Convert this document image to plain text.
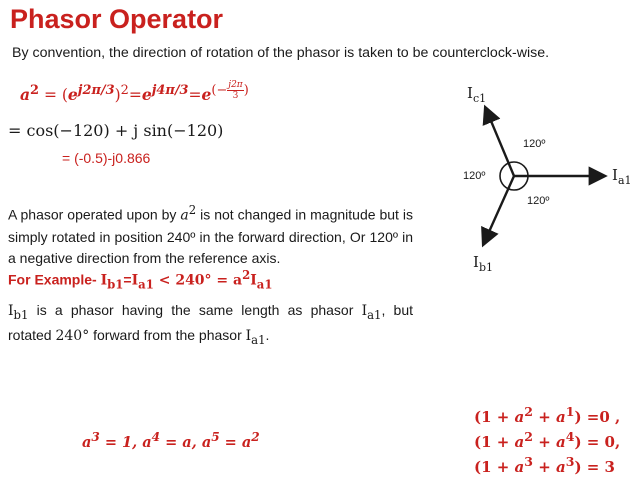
Phasor Operator
By convention, the direction of rotation of the phasor is taken to be counterclock-wise.
$a^2 = (e^{j2\pi/3})^2=e^{j4\pi/3}=e^{(- \frac{j2\pi}{3} )}$
= cos(−120) + j sin(−120)
= (-0.5)-j0.866
A phasor operated upon by $a^2$ is not changed in magnitude but is simply rotated in position 240º in the forward direction, Or 120º in a negative direction from the reference axis.
For Example- $I_{b1}=I_{a1} < 240^\circ = a^2I_{a1}$
$I_{b1}$ is a phasor having the same length as phasor $I_{a1}$, but rotated 240° forward from the phasor $I_{a1}$.
$a^3 = 1$, $a^4 = a$, $a^5 = a^2$
$(1 + a^2 + a^1) =0$ ,
$(1 + a^2 + a^4) = 0$,
$(1 + a^3 + a^3) = 3$
$I_{c1}$
$I_{a1}$
$I_{b1}$
120º
120º
120º
